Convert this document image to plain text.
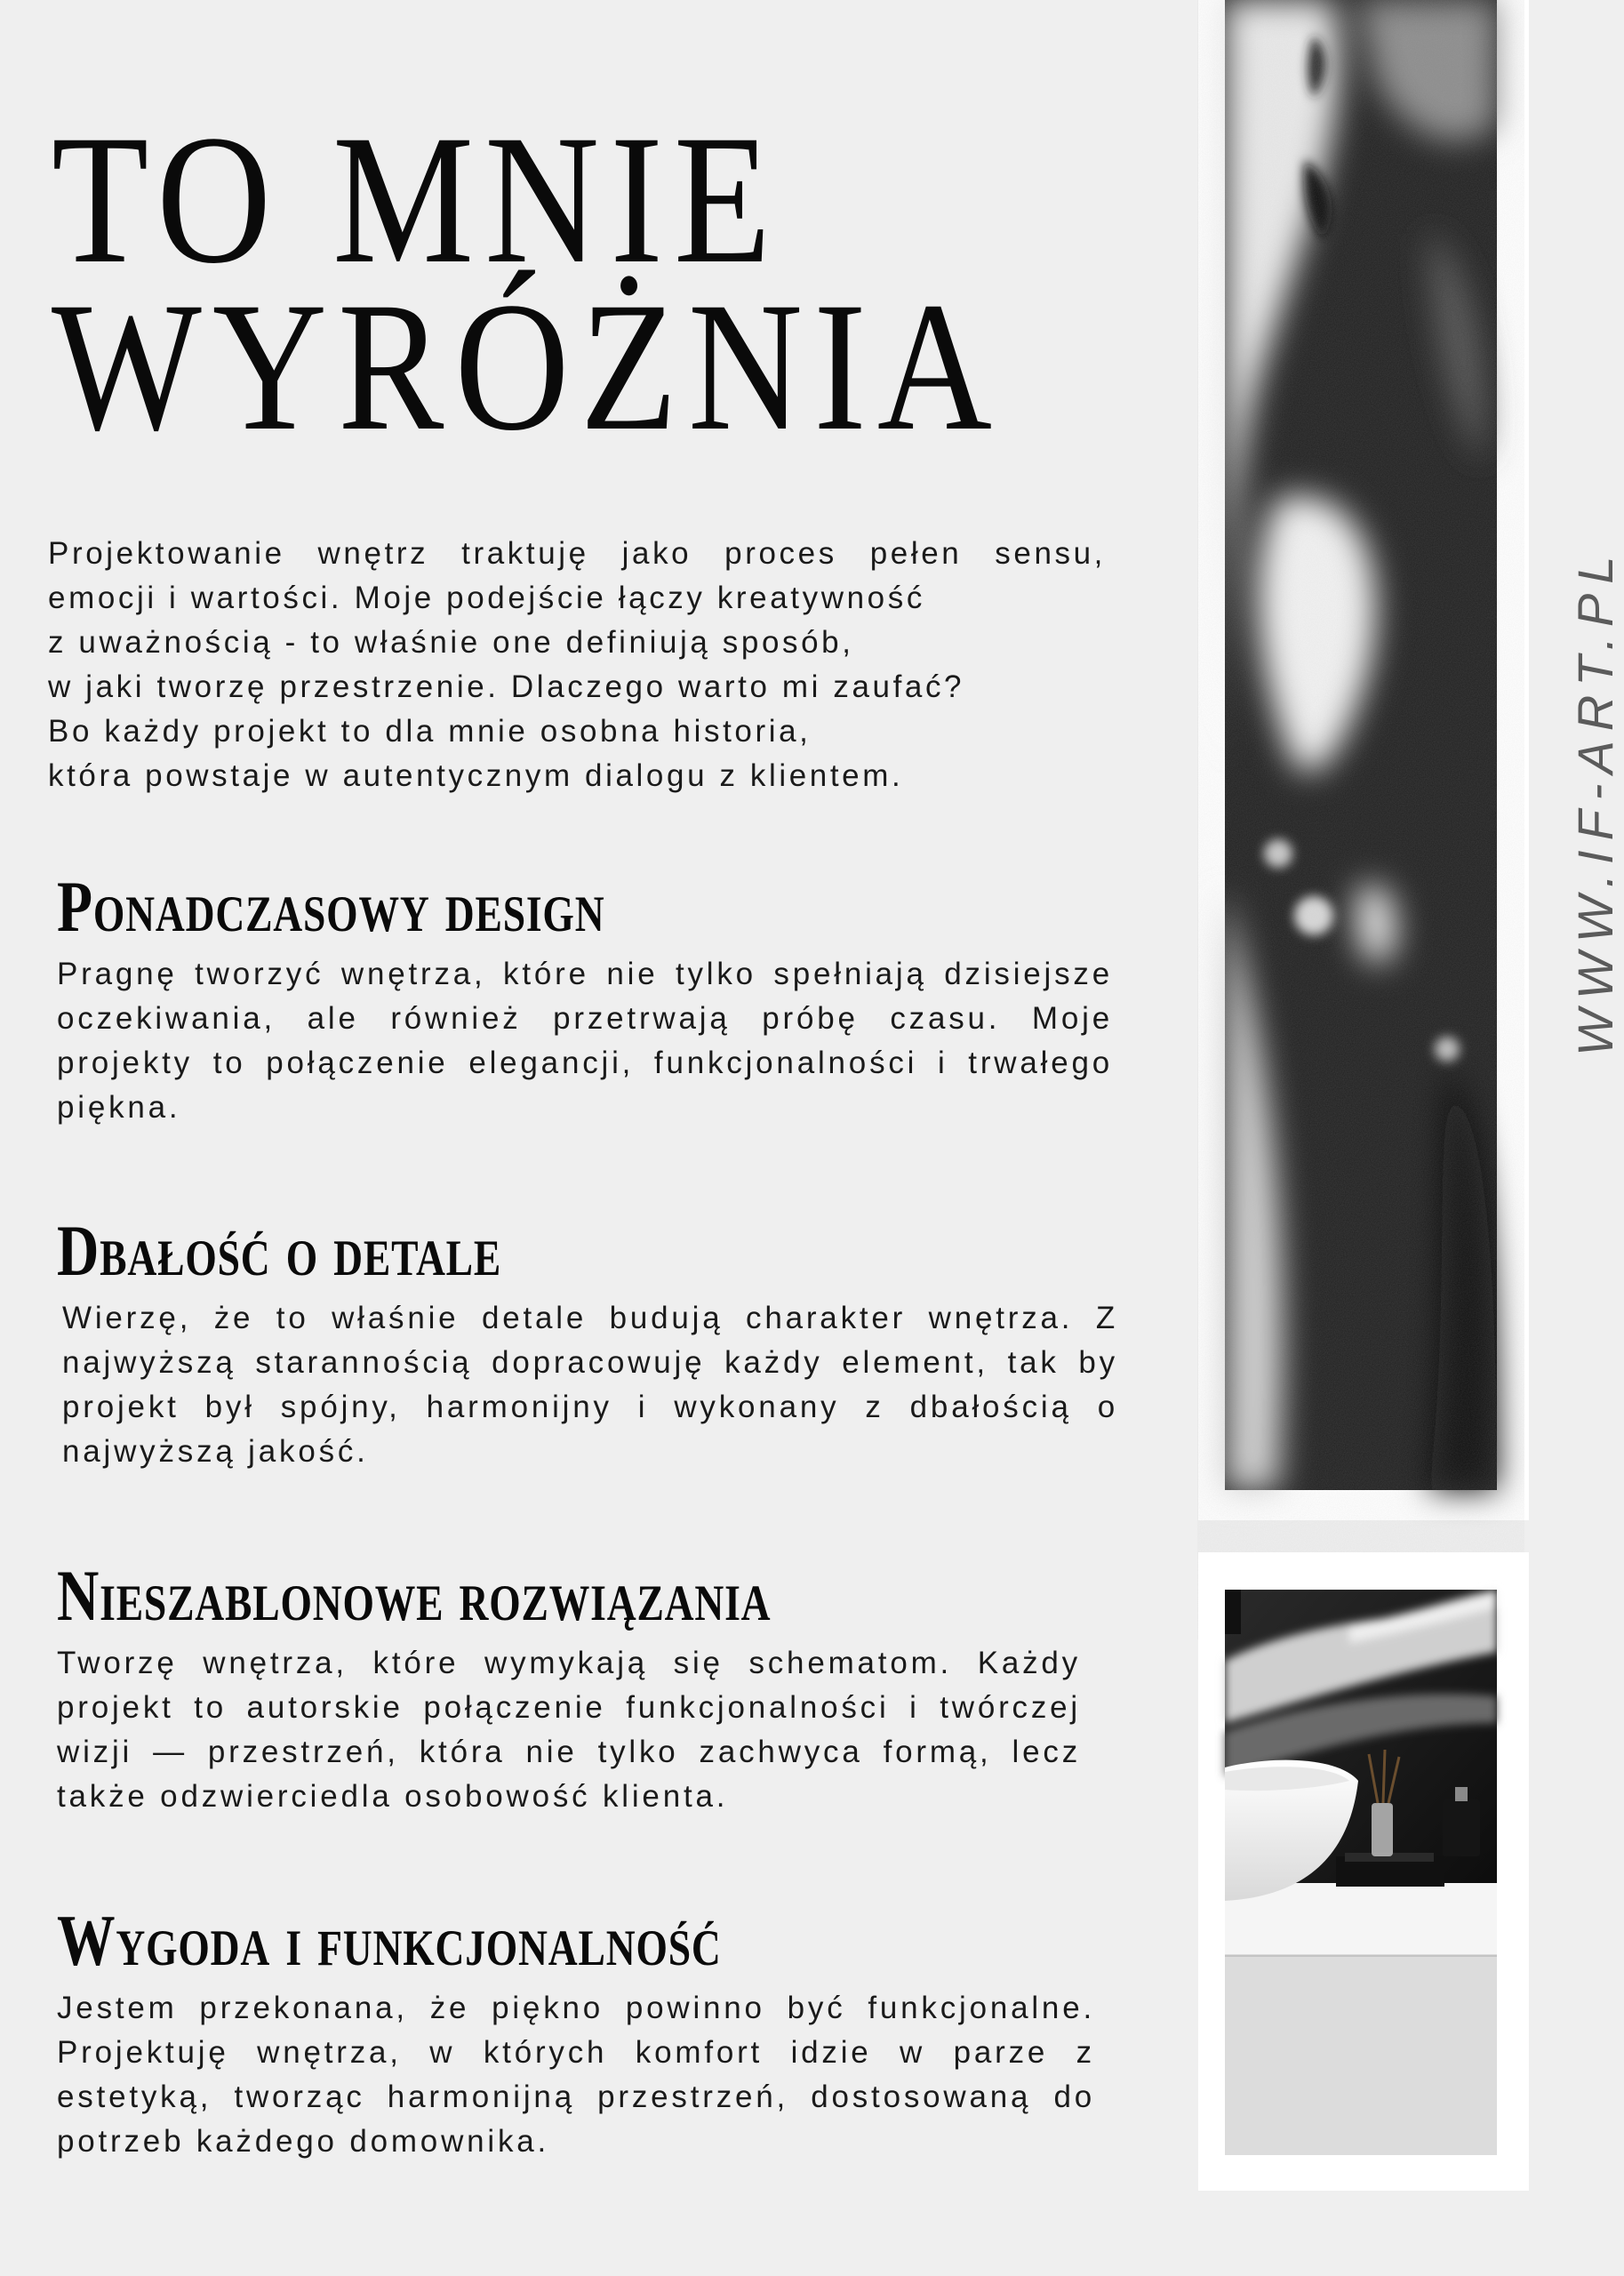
TO MNIE
WYRÓŻNIA

Projektowanie wnętrz traktuję jako proces pełen sensu,
emocji i wartości. Moje podejście łączy kreatywność
z uważnością - to właśnie one definiują sposób,
w jaki tworzę przestrzenie. Dlaczego warto mi zaufać?
Bo każdy projekt to dla mnie osobna historia,
która powstaje w autentycznym dialogu z klientem.

Ponadczasowy design

Pragnę tworzyć wnętrza, które nie tylko spełniają dzisiejsze oczekiwania, ale również przetrwają próbę czasu. Moje projekty to połączenie elegancji, funkcjonalności i trwałego piękna.

Dbałość o detale

Wierzę, że to właśnie detale budują charakter wnętrza. Z najwyższą starannością dopracowuję każdy element, tak by projekt był spójny, harmonijny i wykonany z dbałością o najwyższą jakość.

Nieszablonowe rozwiązania

Tworzę wnętrza, które wymykają się schematom. Każdy projekt to autorskie połączenie funkcjonalności i twórczej wizji — przestrzeń, która nie tylko zachwyca formą, lecz także odzwierciedla osobowość klienta.

Wygoda i funkcjonalność

Jestem przekonana, że piękno powinno być funkcjonalne. Projektuję wnętrza, w których komfort idzie w parze z estetyką, tworząc harmonijną przestrzeń, dostosowaną do potrzeb każdego domownika.

WWW.IF-ART.PL
